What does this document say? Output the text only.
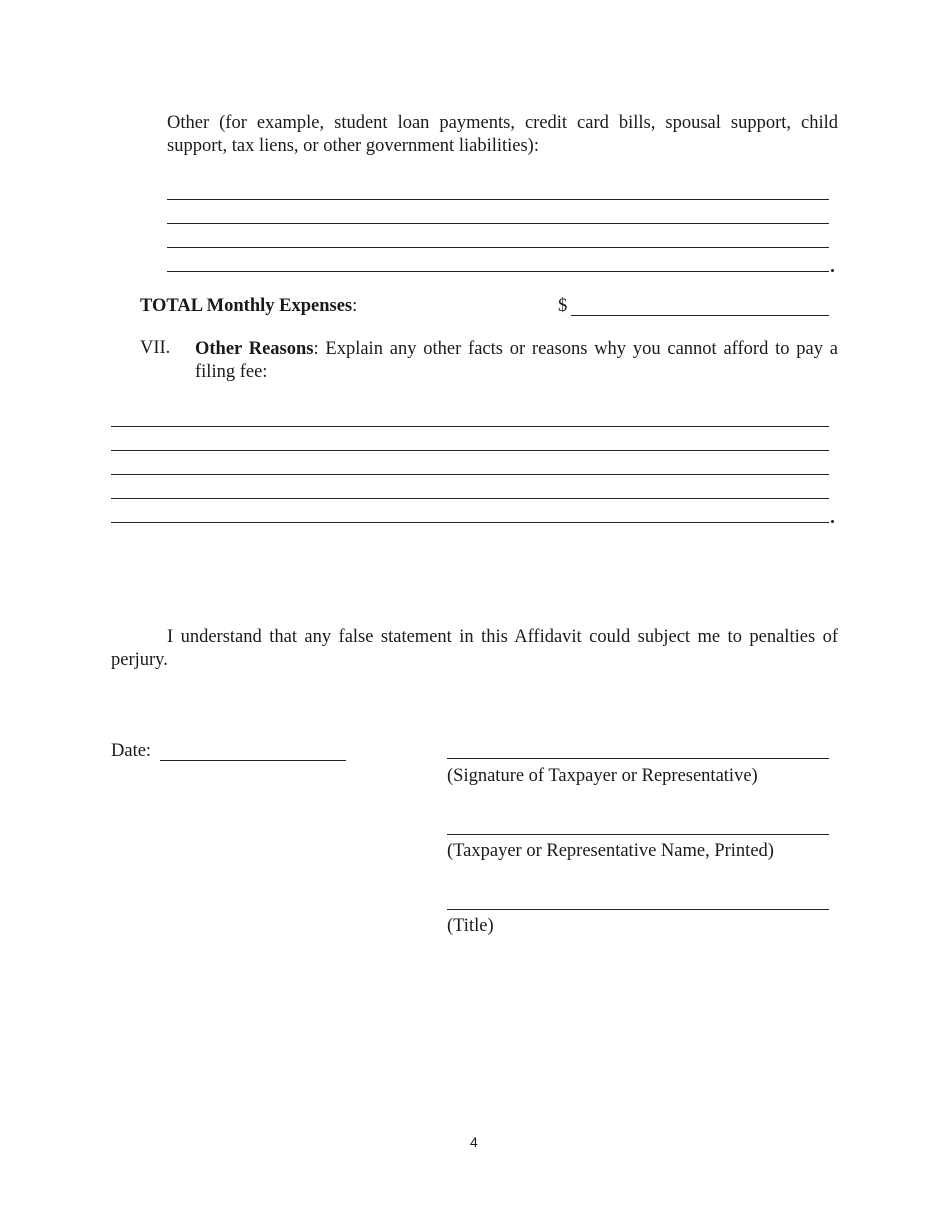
Other (for example, student loan payments, credit card bills, spousal support, child support, tax liens, or other government liabilities):
TOTAL Monthly Expenses:	$
VII. Other Reasons: Explain any other facts or reasons why you cannot afford to pay a filing fee:
I understand that any false statement in this Affidavit could subject me to penalties of perjury.
Date:
(Signature of Taxpayer or Representative)
(Taxpayer or Representative Name, Printed)
(Title)
4
